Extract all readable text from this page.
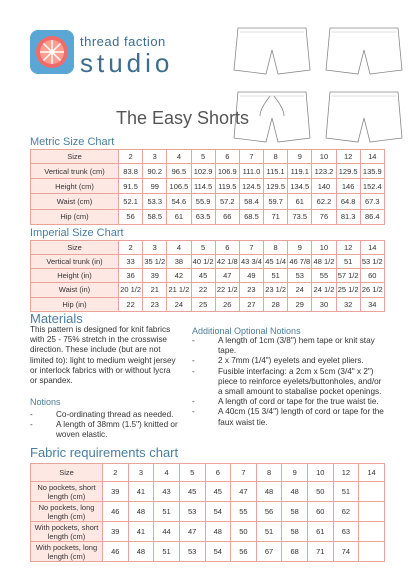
thread faction
studio
The Easy Shorts
Metric Size Chart
Size	2	3	4	5	6	7	8	9	10	12	14
Vertical trunk (cm)	83.8	90.2	96.5	102.9	106.9	111.0	115.1	119.1	123.2	129.5	135.9
Height (cm)	91.5	99	106.5	114.5	119.5	124.5	129.5	134.5	140	146	152.4
Waist (cm)	52.1	53.3	54.6	55.9	57.2	58.4	59.7	61	62.2	64.8	67.3
Hip (cm)	56	58.5	61	63.5	66	68.5	71	73.5	76	81.3	86.4
Imperial Size Chart
Size	2	3	4	5	6	7	8	9	10	12	14
Vertical trunk (in)	33	35 1/2	38	40 1/2	42 1/8	43 3/4	45 1/4	46 7/8	48 1/2	51	53 1/2
Height (in)	36	39	42	45	47	49	51	53	55	57 1/2	60
Waist (in)	20 1/2	21	21 1/2	22	22 1/2	23	23 1/2	24	24 1/2	25 1/2	26 1/2
Hip (in)	22	23	24	25	26	27	28	29	30	32	34
Materials
This pattern is designed for knit fabrics
with 25 - 75% stretch in the crosswise
direction. These include (but are not
limited to): light to medium weight jersey
or interlock fabrics with or without lycra
or spandex.
Notions
-	Co-ordinating thread as needed.
-	A length of 38mm (1.5") knitted or
woven elastic.
Additional Optional Notions
-	A length of 1cm (3/8") hem tape or knit stay
tape.
-	2 x 7mm (1/4") eyelets and eyelet pliers.
-	Fusible interfacing: a 2cm x 5cm (3/4" x 2")
piece to reinforce eyelets/buttonholes, and/or
a small amount to stabalise pocket openings.
-	A length of cord or tape for the true waist tie.
-	A 40cm (15 3/4") length of cord or tape for the
faux waist tie.
Fabric requirements chart
Size	2	3	4	5	6	7	8	9	10	12	14

No pockets, short
length (cm)	39	41	43	45	45	47	48	48	50	51	

No pockets, long
length (cm)	46	48	51	53	54	55	56	58	60	62	

With pockets, short
length (cm)	39	41	44	47	48	50	51	58	61	63	

With pockets, long
length (cm)	46	48	51	53	54	56	67	68	71	74	
